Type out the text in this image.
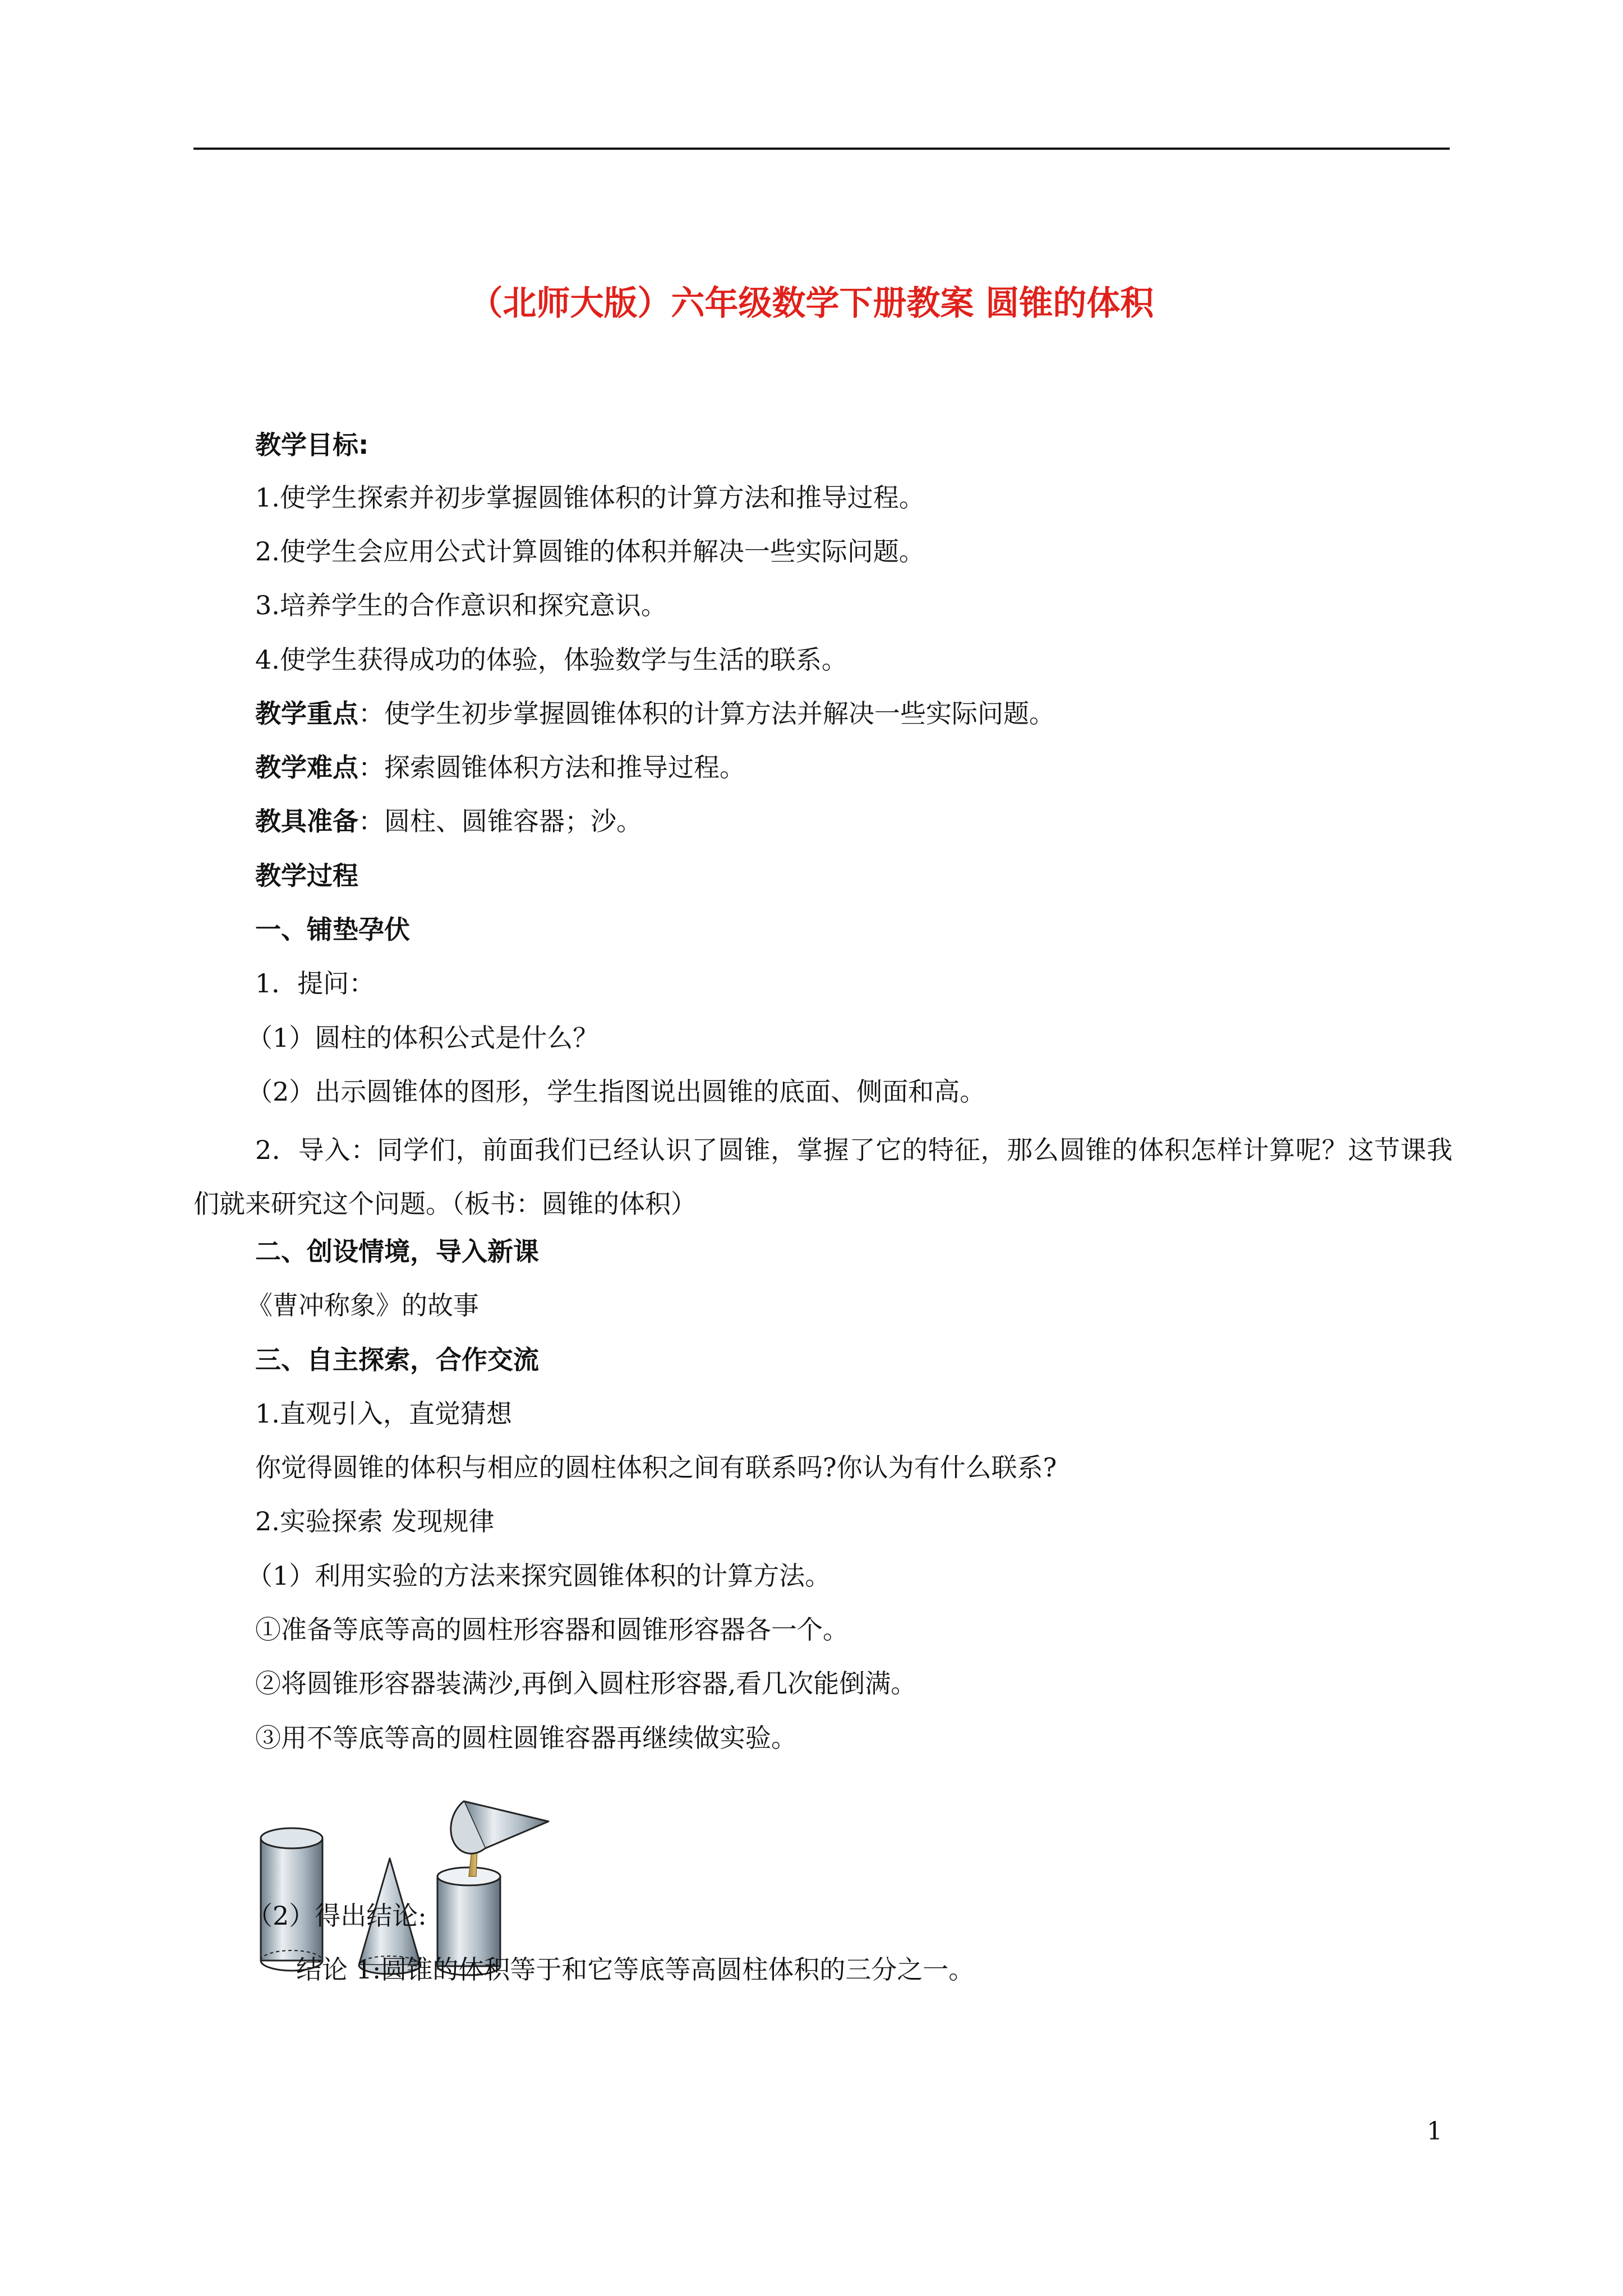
（北师大版）六年级数学下册教案 圆锥的体积
教学目标:
1.使学生探索并初步掌握圆锥体积的计算方法和推导过程。
2.使学生会应用公式计算圆锥的体积并解决一些实际问题。
3.培养学生的合作意识和探究意识。
4.使学生获得成功的体验，体验数学与生活的联系。
教学重点：使学生初步掌握圆锥体积的计算方法并解决一些实际问题。
教学难点：探索圆锥体积方法和推导过程。
教具准备：圆柱、圆锥容器；沙。
教学过程
一、铺垫孕伏
1．提问：
（1）圆柱的体积公式是什么？
（2）出示圆锥体的图形，学生指图说出圆锥的底面、侧面和高。
2．导入：同学们，前面我们已经认识了圆锥，掌握了它的特征，那么圆锥的体积怎样计算呢？这节课我们就来研究这个问题。（板书：圆锥的体积）
二、创设情境，导入新课
《曹冲称象》的故事
三、自主探索，合作交流
1.直观引入，直觉猜想
你觉得圆锥的体积与相应的圆柱体积之间有联系吗?你认为有什么联系?
2.实验探索 发现规律
（1）利用实验的方法来探究圆锥体积的计算方法。
①准备等底等高的圆柱形容器和圆锥形容器各一个。
②将圆锥形容器装满沙,再倒入圆柱形容器,看几次能倒满。
③用不等底等高的圆柱圆锥容器再继续做实验。
（2）得出结论:
结论 1:圆锥的体积等于和它等底等高圆柱体积的三分之一。
1
